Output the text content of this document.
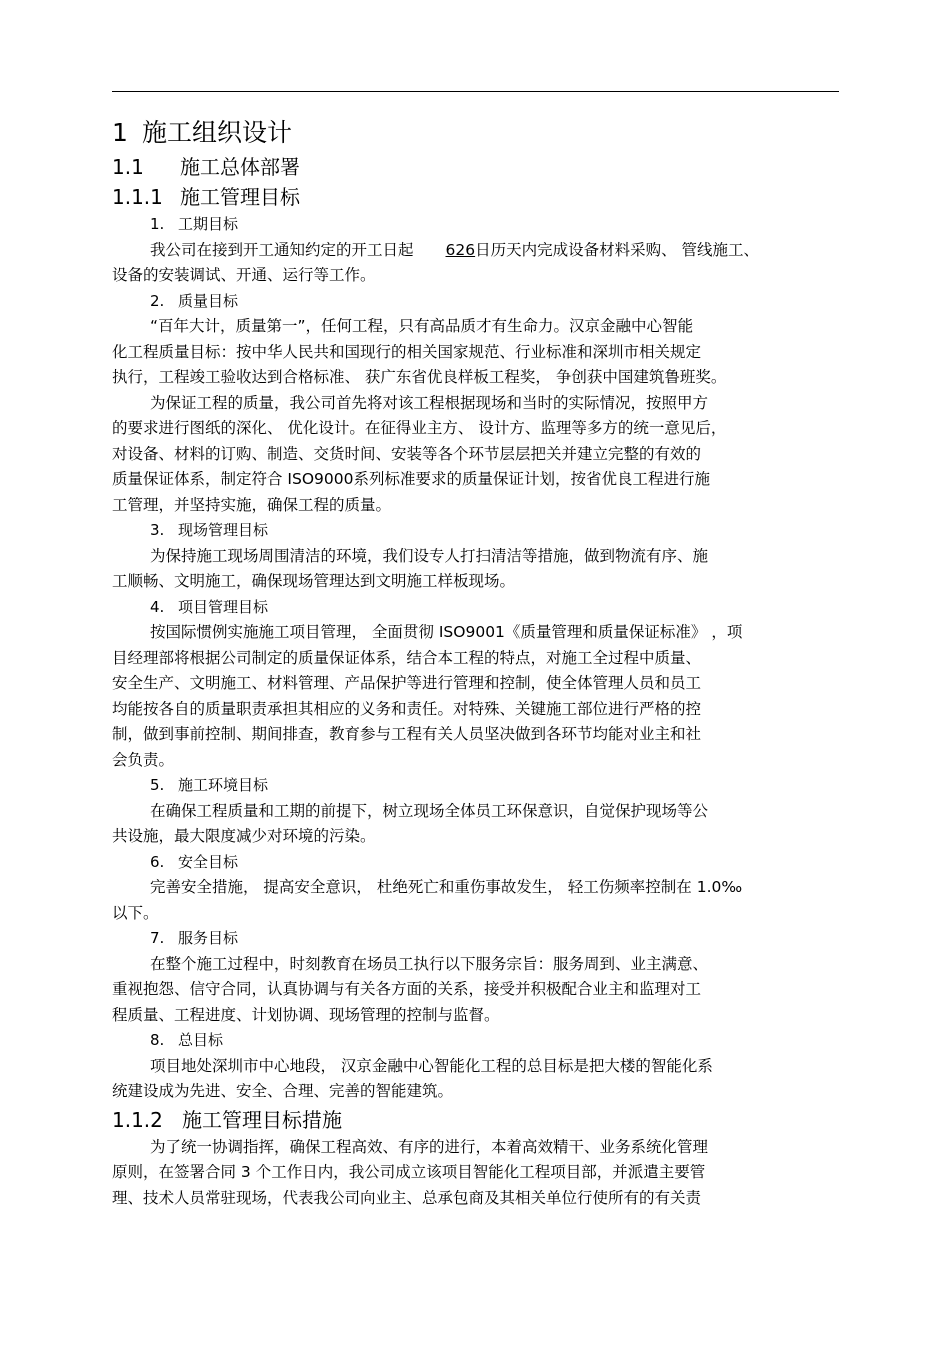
1 施工组织设计
1.1 施工总体部署
1.1.1 施工管理目标
1. 工期目标
我公司在接到开工通知约定的开工日起 626日历天内完成设备材料采购、 管线施工、
设备的安装调试、开通、运行等工作。
2. 质量目标
“百年大计，质量第一”，任何工程，只有高品质才有生命力。汉京金融中心智能
化工程质量目标：按中华人民共和国现行的相关国家规范、行业标准和深圳市相关规定
执行，工程竣工验收达到合格标准、 获广东省优良样板工程奖， 争创获中国建筑鲁班奖。
为保证工程的质量，我公司首先将对该工程根据现场和当时的实际情况，按照甲方
的要求进行图纸的深化、 优化设计。在征得业主方、 设计方、监理等多方的统一意见后，
对设备、材料的订购、制造、交货时间、安装等各个环节层层把关并建立完整的有效的
质量保证体系，制定符合 ISO9000系列标准要求的质量保证计划，按省优良工程进行施
工管理，并坚持实施，确保工程的质量。
3. 现场管理目标
为保持施工现场周围清洁的环境，我们设专人打扫清洁等措施，做到物流有序、施
工顺畅、文明施工，确保现场管理达到文明施工样板现场。
4. 项目管理目标
按国际惯例实施施工项目管理， 全面贯彻 ISO9001《质量管理和质量保证标准》 ，项
目经理部将根据公司制定的质量保证体系，结合本工程的特点，对施工全过程中质量、
安全生产、文明施工、材料管理、产品保护等进行管理和控制，使全体管理人员和员工
均能按各自的质量职责承担其相应的义务和责任。对特殊、关键施工部位进行严格的控
制，做到事前控制、期间排查，教育参与工程有关人员坚决做到各环节均能对业主和社
会负责。
5. 施工环境目标
在确保工程质量和工期的前提下，树立现场全体员工环保意识，自觉保护现场等公
共设施，最大限度减少对环境的污染。
6. 安全目标
完善安全措施， 提高安全意识， 杜绝死亡和重伤事故发生， 轻工伤频率控制在 1.0‰
以下。
7. 服务目标
在整个施工过程中，时刻教育在场员工执行以下服务宗旨：服务周到、业主满意、
重视抱怨、信守合同，认真协调与有关各方面的关系，接受并积极配合业主和监理对工
程质量、工程进度、计划协调、现场管理的控制与监督。
8. 总目标
项目地处深圳市中心地段， 汉京金融中心智能化工程的总目标是把大楼的智能化系
统建设成为先进、安全、合理、完善的智能建筑。
1.1.2 施工管理目标措施
为了统一协调指挥，确保工程高效、有序的进行，本着高效精干、业务系统化管理
原则，在签署合同 3 个工作日内，我公司成立该项目智能化工程项目部，并派遣主要管
理、技术人员常驻现场，代表我公司向业主、总承包商及其相关单位行使所有的有关责
